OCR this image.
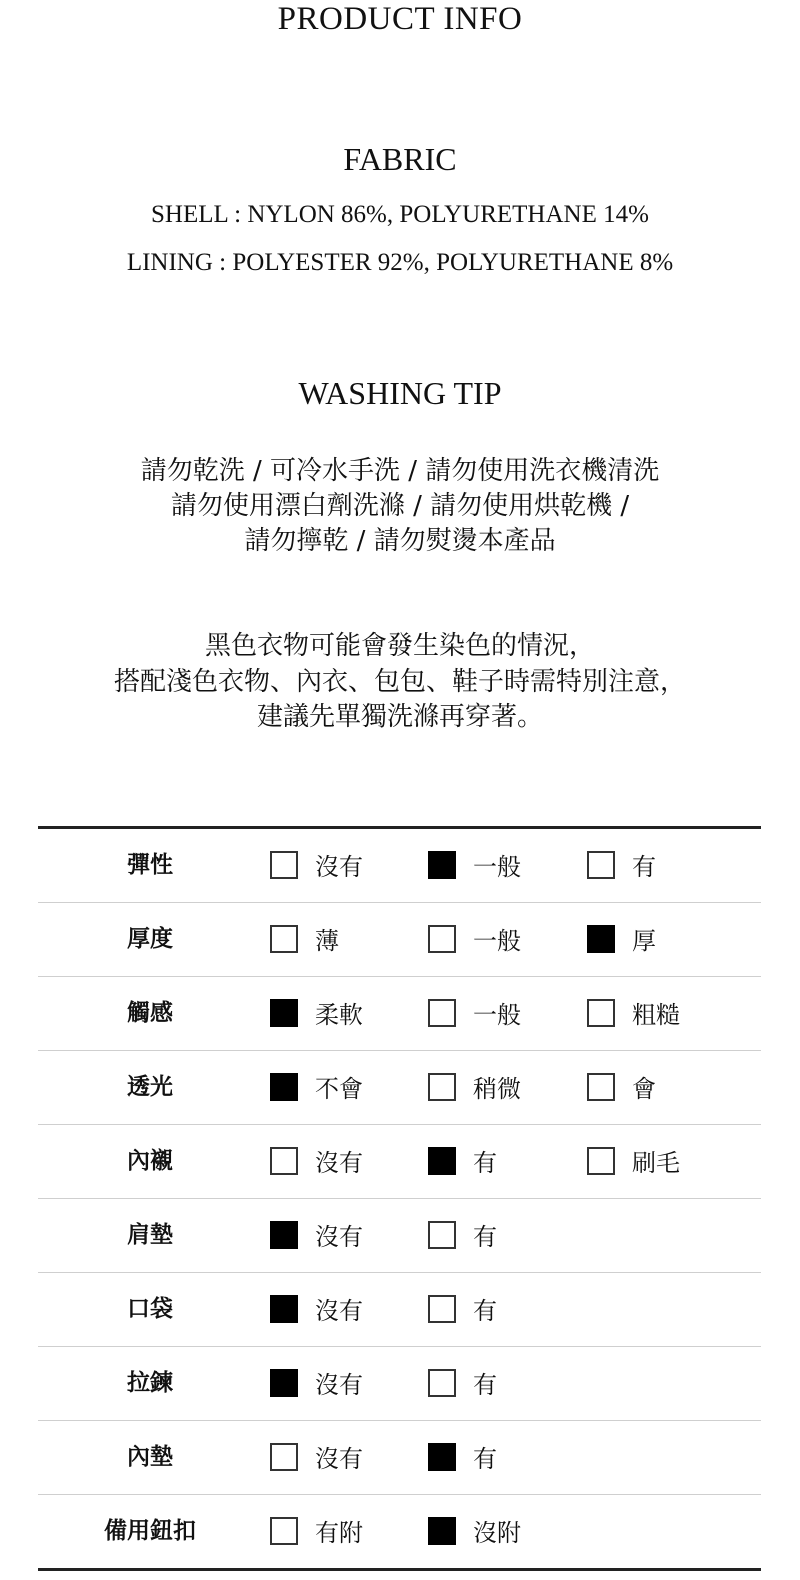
PRODUCT INFO
FABRIC
SHELL : NYLON 86%, POLYURETHANE 14%
LINING : POLYESTER 92%, POLYURETHANE 8%
WASHING TIP
請勿乾洗 / 可冷水手洗 / 請勿使用洗衣機清洗
請勿使用漂白劑洗滌 / 請勿使用烘乾機 /
請勿擰乾 / 請勿熨燙本產品
黑色衣物可能會發生染色的情況，
搭配淺色衣物、內衣、包包、鞋子時需特別注意，
建議先單獨洗滌再穿著。
彈性	沒有	一般	有
厚度	薄	一般	厚
觸感	柔軟	一般	粗糙
透光	不會	稍微	會
內襯	沒有	有	刷毛
肩墊	沒有	有
口袋	沒有	有
拉鍊	沒有	有
內墊	沒有	有
備用鈕扣	有附	沒附
